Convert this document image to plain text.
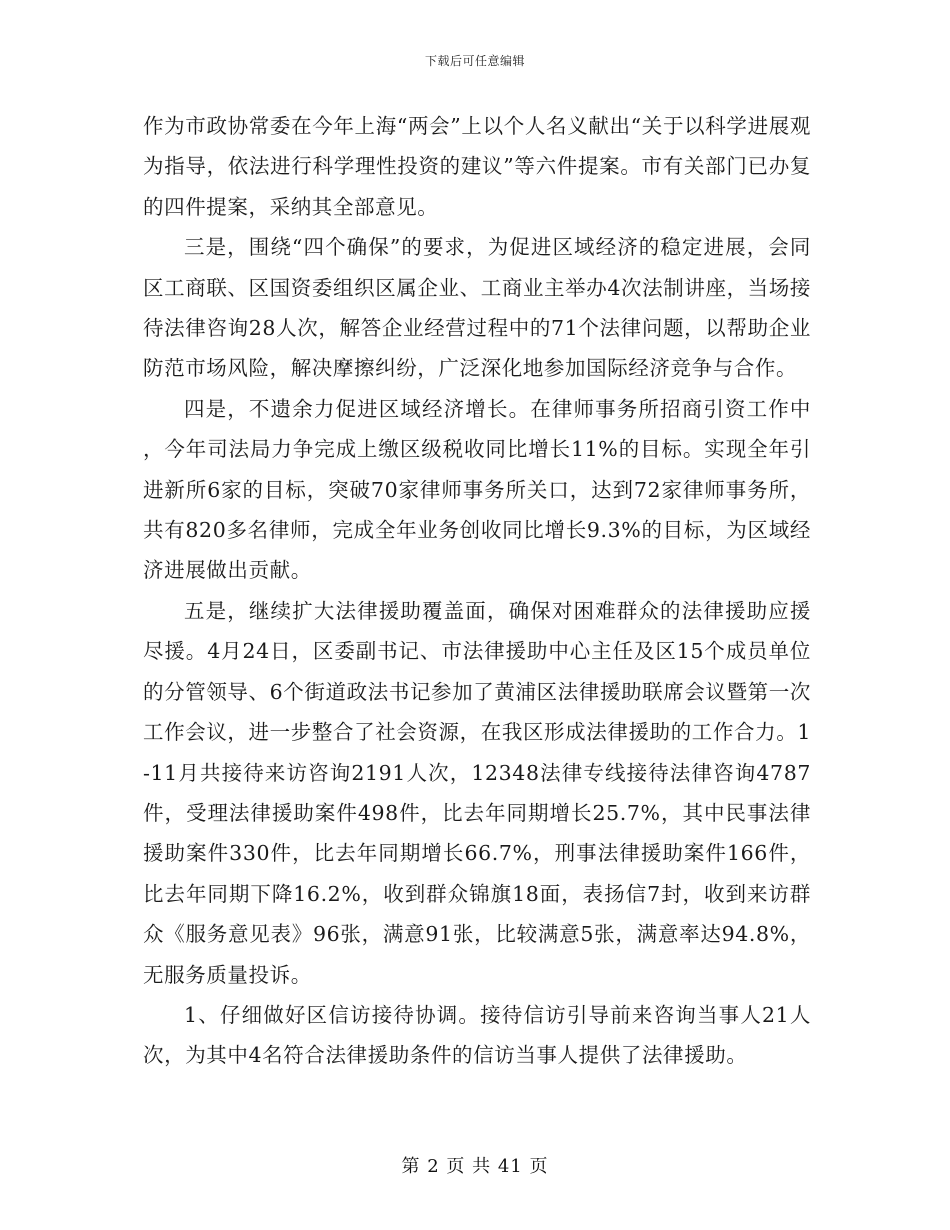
下载后可任意编辑

作为市政协常委在今年上海“两会”上以个人名义献出“关于以科学进展观为指导，依法进行科学理性投资的建议”等六件提案。市有关部门已办复的四件提案，采纳其全部意见。

三是，围绕“四个确保”的要求，为促进区域经济的稳定进展，会同区工商联、区国资委组织区属企业、工商业主举办4次法制讲座，当场接待法律咨询28人次，解答企业经营过程中的71个法律问题，以帮助企业防范市场风险，解决摩擦纠纷，广泛深化地参加国际经济竞争与合作。

四是，不遗余力促进区域经济增长。在律师事务所招商引资工作中，今年司法局力争完成上缴区级税收同比增长11%的目标。实现全年引进新所6家的目标，突破70家律师事务所关口，达到72家律师事务所，共有820多名律师，完成全年业务创收同比增长9.3%的目标，为区域经济进展做出贡献。

五是，继续扩大法律援助覆盖面，确保对困难群众的法律援助应援尽援。4月24日，区委副书记、市法律援助中心主任及区15个成员单位的分管领导、6个街道政法书记参加了黄浦区法律援助联席会议暨第一次工作会议，进一步整合了社会资源，在我区形成法律援助的工作合力。1-11月共接待来访咨询2191人次，12348法律专线接待法律咨询4787件，受理法律援助案件498件，比去年同期增长25.7%，其中民事法律援助案件330件，比去年同期增长66.7%，刑事法律援助案件166件，比去年同期下降16.2%，收到群众锦旗18面，表扬信7封，收到来访群众《服务意见表》96张，满意91张，比较满意5张，满意率达94.8%，无服务质量投诉。

1、仔细做好区信访接待协调。接待信访引导前来咨询当事人21人次，为其中4名符合法律援助条件的信访当事人提供了法律援助。

第 2 页 共 41 页
